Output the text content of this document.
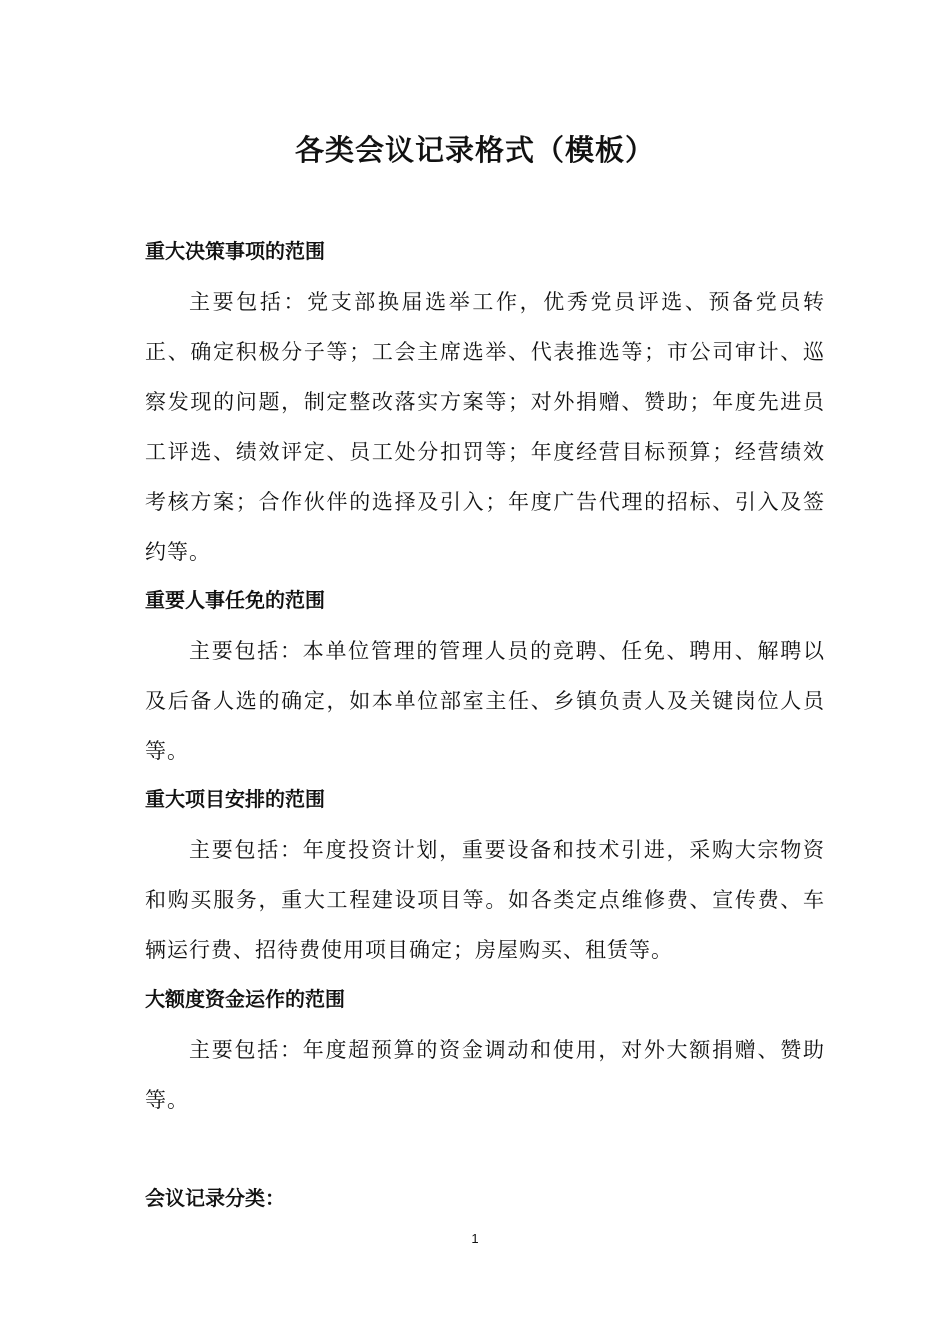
各类会议记录格式（模板）
重大决策事项的范围
主要包括：党支部换届选举工作，优秀党员评选、预备党员转正、确定积极分子等；工会主席选举、代表推选等；市公司审计、巡察发现的问题，制定整改落实方案等；对外捐赠、赞助；年度先进员工评选、绩效评定、员工处分扣罚等；年度经营目标预算；经营绩效考核方案；合作伙伴的选择及引入；年度广告代理的招标、引入及签约等。
重要人事任免的范围
主要包括：本单位管理的管理人员的竞聘、任免、聘用、解聘以及后备人选的确定，如本单位部室主任、乡镇负责人及关键岗位人员等。
重大项目安排的范围
主要包括：年度投资计划，重要设备和技术引进，采购大宗物资和购买服务，重大工程建设项目等。如各类定点维修费、宣传费、车辆运行费、招待费使用项目确定；房屋购买、租赁等。
大额度资金运作的范围
主要包括：年度超预算的资金调动和使用，对外大额捐赠、赞助等。
会议记录分类：
1
